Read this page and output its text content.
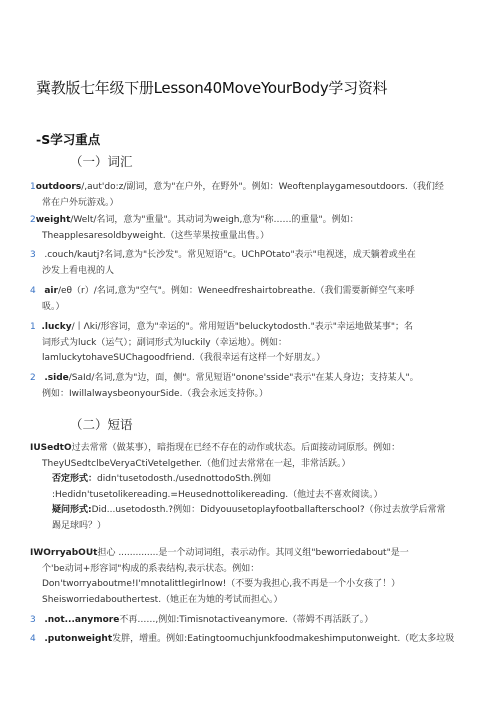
冀教版七年级下册Lesson40MoveYourBody学习资料
-S学习重点
（一）词汇
1outdoors/,aut'do:z/副词，意为"在户外，在野外"。例如：Weoftenplaygamesoutdoors.（我们经
常在户外玩游戏。）
2weight/Welt/名词，意为"重量"。其动词为weigh,意为"称……的重量"。例如：
Theapplesaresoldbyweight.（这些苹果按重量出售。）
3 .couch/kautj?名词,意为"长沙发"。常见短语"c。UChPOtato"表示"电视迷，成天躺着或坐在
沙发上看电视的人
4 air/eθ（r）/名词,意为"空气"。例如：Weneedfreshairtobreathe.（我们需要新鲜空气来呼
吸。）
1 .lucky/丨Λki/形容词，意为"幸运的"。常用短语"beluckytodosth."表示"幸运地做某事"；名
词形式为luck（运气）；副词形式为luckily（幸运地）。例如：
lamluckytohaveSUChagoodfriend.（我很幸运有这样一个好朋友。）
2 .side/SaId/名词,意为"边，面，侧"。常见短语"onone'sside"表示"在某人身边；支持某人"。
例如：IwillalwaysbeonyourSide.（我会永远支持你。）
（二）短语
IUSedtO过去常常（做某事），暗指现在已经不存在的动作或状态。后面接动词原形。例如：
TheyUSedtclbeVeryaCtiVetelgether.（他们过去常常在一起，非常活跃。）
否定形式：didn'tusetodosth./usednottodoSth.例如
:Hedidn'tusetolikereading.=Heusednottolikereading.（他过去不喜欢阅读。）
疑问形式:Did...usetodosth.?例如：Didyouusetoplayfootballafterschool?（你过去放学后常常
踢足球吗？）
IWOrryabOUt担心 ..............是一个动词词组，表示动作。其同义组"beworriedabout"是一
个'be动词+形容词"构成的系表结构,表示状态。例如：
Don'tworryaboutme!I'mnotalittlegirlnow!（不要为我担心,我不再是一个小女孩了！）
Sheisworriedabouthertest.（她正在为她的考试而担心。）
3 .not...anymore不再……,例如:Timisnotactiveanymore.（蒂姆不再活跃了。）
4 .putonweight发胖，增重。例如:Eatingtoomuchjunkfoodmakeshimputonweight.（吃太多垃圾
